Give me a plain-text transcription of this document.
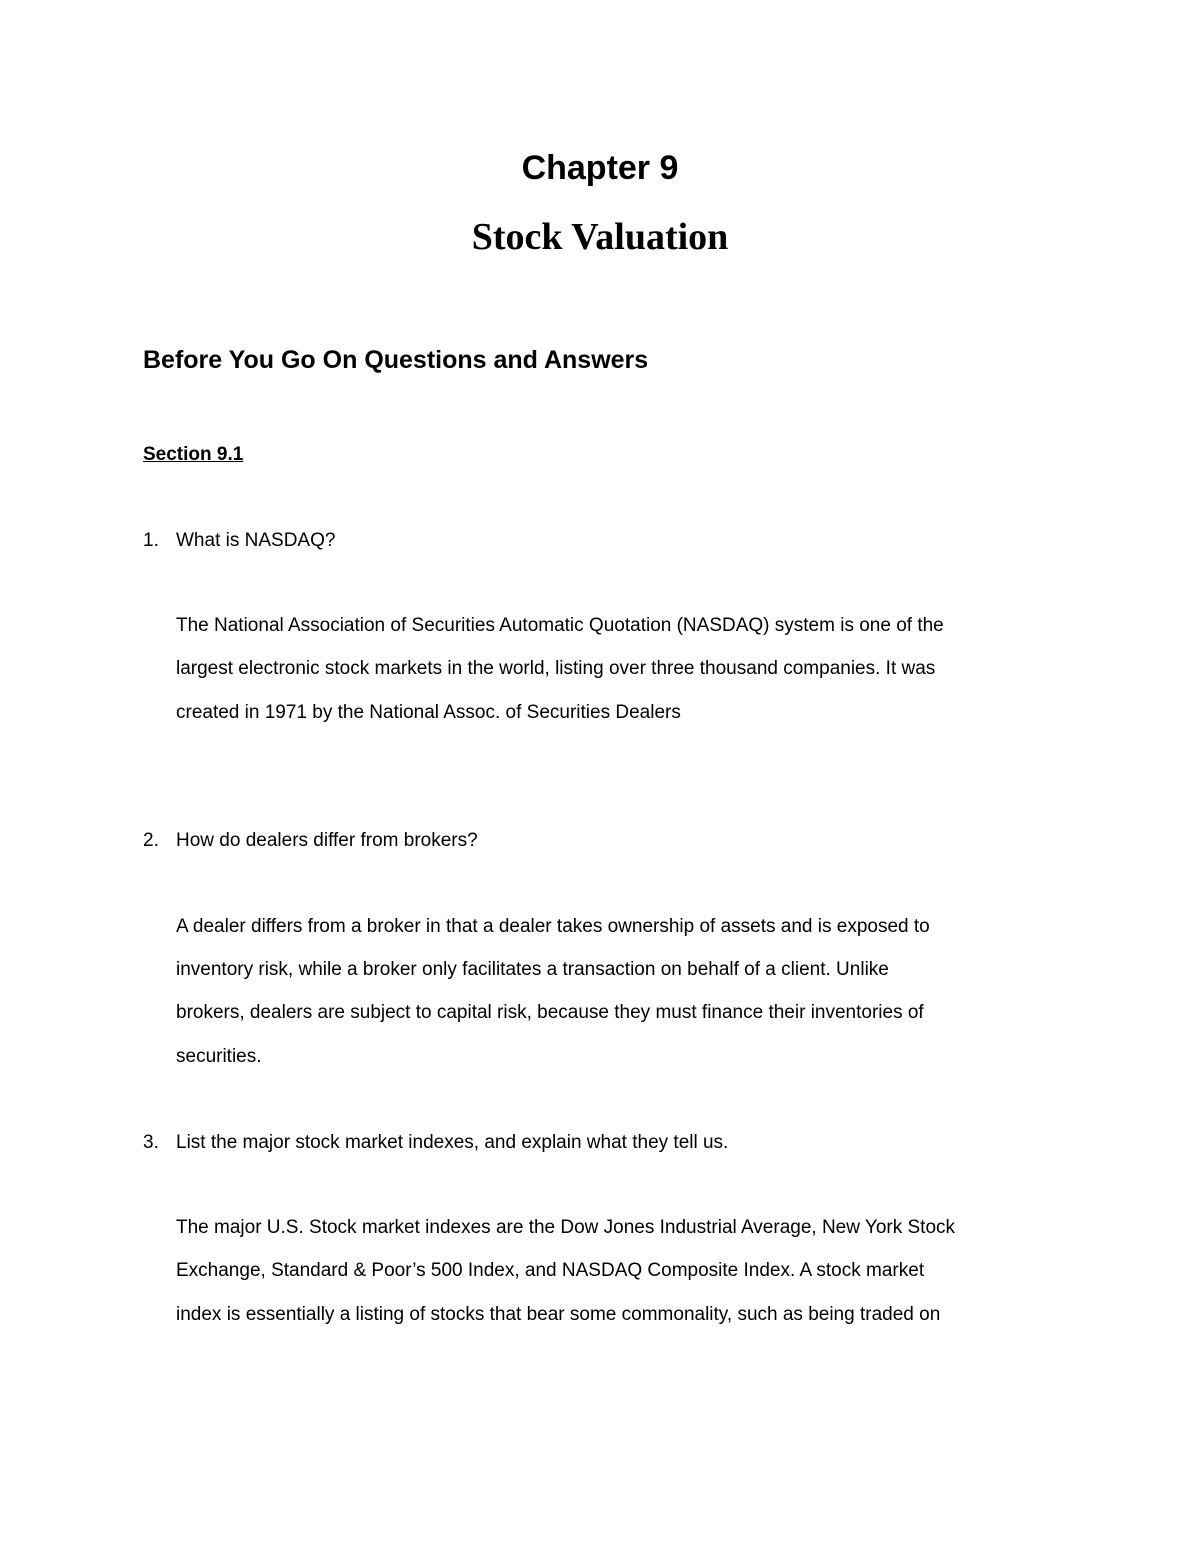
Chapter 9
Stock Valuation
Before You Go On Questions and Answers
Section 9.1
1. What is NASDAQ?
The National Association of Securities Automatic Quotation (NASDAQ) system is one of the
largest electronic stock markets in the world, listing over three thousand companies. It was
created in 1971 by the National Assoc. of Securities Dealers
2. How do dealers differ from brokers?
A dealer differs from a broker in that a dealer takes ownership of assets and is exposed to
inventory risk, while a broker only facilitates a transaction on behalf of a client. Unlike
brokers, dealers are subject to capital risk, because they must finance their inventories of
securities.
3. List the major stock market indexes, and explain what they tell us.
The major U.S. Stock market indexes are the Dow Jones Industrial Average, New York Stock
Exchange, Standard & Poor’s 500 Index, and NASDAQ Composite Index. A stock market
index is essentially a listing of stocks that bear some commonality, such as being traded on
